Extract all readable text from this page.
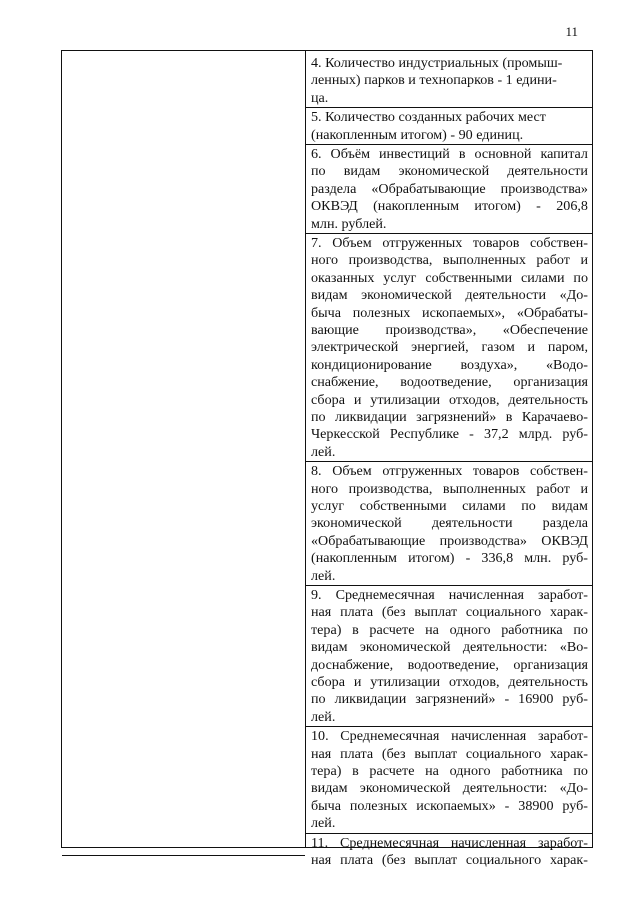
11
4. Количество индустриальных (промыш-
ленных) парков и технопарков - 1 едини-
ца.
5. Количество созданных рабочих мест
(накопленным итогом) - 90 единиц.
6. Объём инвестиций в основной капитал
по видам экономической деятельности
раздела «Обрабатывающие производства»
ОКВЭД (накопленным итогом) - 206,8
млн. рублей.
7. Объем отгруженных товаров собствен-
ного производства, выполненных работ и
оказанных услуг собственными силами по
видам экономической деятельности «До-
быча полезных ископаемых», «Обрабаты-
вающие производства», «Обеспечение
электрической энергией, газом и паром,
кондиционирование воздуха», «Водо-
снабжение, водоотведение, организация
сбора и утилизации отходов, деятельность
по ликвидации загрязнений» в Карачаево-
Черкесской Республике - 37,2 млрд. руб-
лей.
8. Объем отгруженных товаров собствен-
ного производства, выполненных работ и
услуг собственными силами по видам
экономической деятельности раздела
«Обрабатывающие производства» ОКВЭД
(накопленным итогом) - 336,8 млн. руб-
лей.
9. Среднемесячная начисленная заработ-
ная плата (без выплат социального харак-
тера) в расчете на одного работника по
видам экономической деятельности: «Во-
доснабжение, водоотведение, организация
сбора и утилизации отходов, деятельность
по ликвидации загрязнений» - 16900 руб-
лей.
10. Среднемесячная начисленная заработ-
ная плата (без выплат социального харак-
тера) в расчете на одного работника по
видам экономической деятельности: «До-
быча полезных ископаемых» - 38900 руб-
лей.
11. Среднемесячная начисленная заработ-
ная плата (без выплат социального харак-
